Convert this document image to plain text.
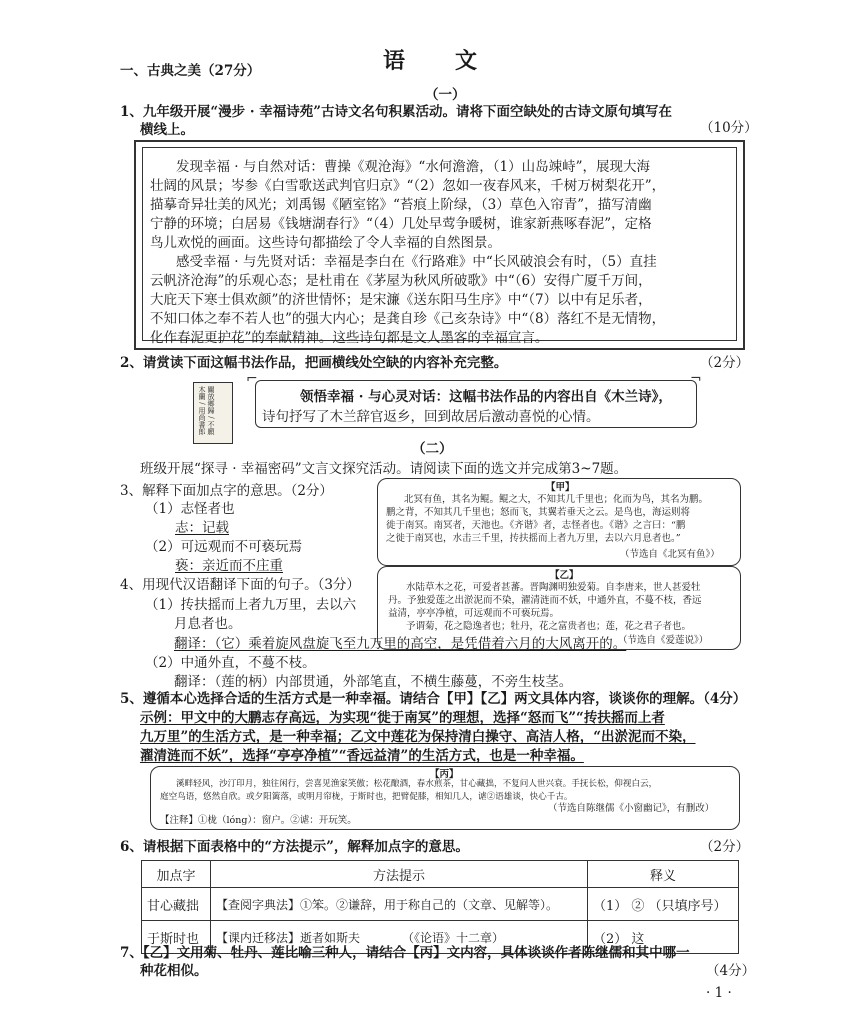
语　　文
一、古典之美（27分）
（一）
1、九年级开展“漫步 · 幸福诗苑”古诗文名句积累活动。请将下面空缺处的古诗文原句填写在
横线上。	（10分）
发现幸福 · 与自然对话：曹操《观沧海》“水何澹澹，（1）山岛竦峙”，展现大海
壮阔的风景；岑参《白雪歌送武判官归京》“（2）忽如一夜春风来，千树万树梨花开”，
描摹奇异壮美的风光；刘禹锡《陋室铭》“苔痕上阶绿，（3）草色入帘青”，描写清幽
宁静的环境；白居易《钱塘湖春行》“（4）几处早莺争暖树，谁家新燕啄春泥”，定格
鸟儿欢悦的画面。这些诗句都描绘了令人幸福的自然图景。
感受幸福 · 与先贤对话：幸福是李白在《行路难》中“长风破浪会有时，（5）直挂
云帆济沧海”的乐观心态；是杜甫在《茅屋为秋风所破歌》中“（6）安得广厦千万间，
大庇天下寒士俱欢颜”的济世情怀；是宋濂《送东阳马生序》中“（7）以中有足乐者，
不知口体之奉不若人也”的强大内心；是龚自珍《己亥杂诗》中“（8）落红不是无情物，
化作春泥更护花”的奉献精神。这些诗句都是文人墨客的幸福宣言。
2、请赏读下面这幅书法作品，把画横线处空缺的内容补充完整。	（2分）
關放鄉歸 / 不願木蘭 / 用尚書郎
⌐	¬
领悟幸福 · 与心灵对话：这幅书法作品的内容出自《木兰诗》，
诗句抒写了木兰辞官返乡，回到故居后激动喜悦的心情。
（二）
班级开展“探寻 · 幸福密码”文言文探究活动。请阅读下面的选文并完成第3~7题。
3、解释下面加点字的意思。（2分）
（1）志怪者也
志：记载
（2）可远观而不可亵玩焉
亵：亲近而不庄重
4、用现代汉语翻译下面的句子。（3分）
（1）抟扶摇而上者九万里，去以六
月息者也。
翻译：（它）乘着旋风盘旋飞至九万里的高空，是凭借着六月的大风离开的。
（2）中通外直，不蔓不枝。
翻译：（莲的柄）内部贯通，外部笔直，不横生藤蔓，不旁生枝茎。
【甲】
北冥有鱼，其名为鲲。鲲之大，不知其几千里也；化而为鸟，其名为鹏。
鹏之背，不知其几千里也；怒而飞，其翼若垂天之云。是鸟也，海运则将
徙于南冥。南冥者，天池也。《齐谐》者，志怪者也。《谐》之言曰：“鹏
之徙于南冥也，水击三千里，抟扶摇而上者九万里，去以六月息者也。”
（节选自《北冥有鱼》）
【乙】
水陆草木之花，可爱者甚蕃。晋陶渊明独爱菊。自李唐来，世人甚爱牡
丹。予独爱莲之出淤泥而不染，濯清涟而不妖，中通外直，不蔓不枝，香远
益清，亭亭净植，可远观而不可亵玩焉。
予谓菊，花之隐逸者也；牡丹，花之富贵者也；莲，花之君子者也。
（节选自《爱莲说》）
5、遵循本心选择合适的生活方式是一种幸福。请结合【甲】【乙】两文具体内容，谈谈你的理解。（4分）
示例：甲文中的大鹏志存高远，为实现“徙于南冥”的理想，选择“怒而飞”“抟扶摇而上者
九万里”的生活方式，是一种幸福；乙文中莲花为保持清白操守、高洁人格，“出淤泥而不染，
濯清涟而不妖”，选择“亭亭净植”“香远益清”的生活方式，也是一种幸福。
【丙】
溪畔轻风，沙汀印月，独往闲行，尝喜见渔家笑傲；松花酿酒，春水煎茶，甘心藏拙，不复问人世兴衰。手抚长松，仰视白云，
庭空鸟语，悠然自欣。或夕阳篱落，或明月帘栊，于斯时也，把臂促膝，相知几人，谑②语雄谈，快心千古。
（节选自陈继儒《小窗幽记》，有删改）
【注释】①栊（lóng）：窗户。②谑：开玩笑。
6、请根据下面表格中的“方法提示”，解释加点字的意思。	（2分）
加点字	方法提示	释义
甘心藏拙	【查阅字典法】①笨。②谦辞，用于称自己的（文章、见解等）。	（1） ② （只填序号）
于斯时也	【课内迁移法】逝者如斯夫　　　　（《论语》十二章）	（2） 这
7、【乙】文用菊、牡丹、莲比喻三种人，请结合【丙】文内容，具体谈谈作者陈继儒和其中哪一
种花相似。	（4分）
· 1 ·
